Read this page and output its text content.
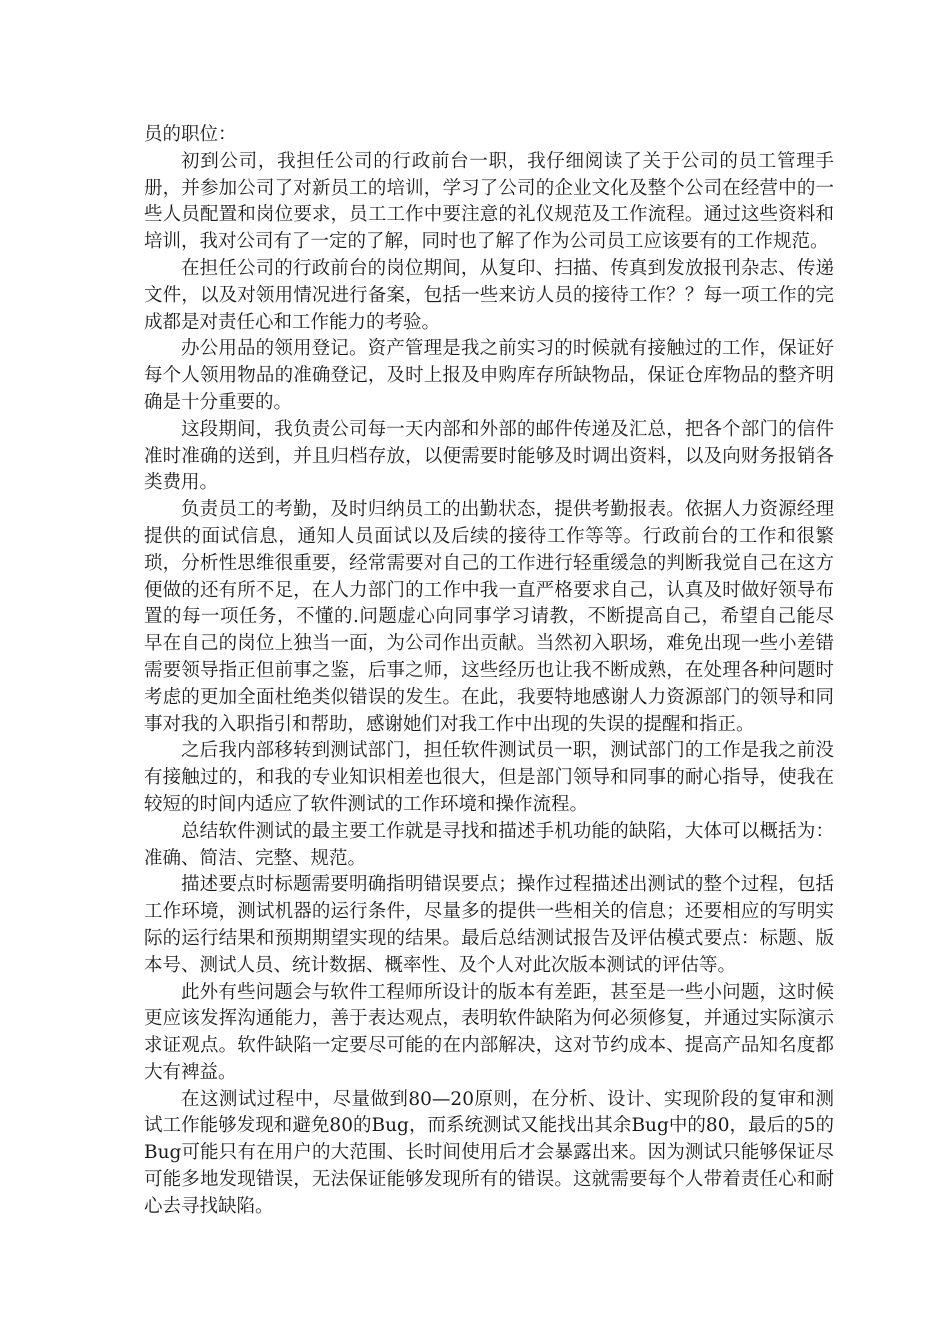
员的职位：

初到公司，我担任公司的行政前台一职，我仔细阅读了关于公司的员工管理手册，并参加公司了对新员工的培训，学习了公司的企业文化及整个公司在经营中的一些人员配置和岗位要求，员工工作中要注意的礼仪规范及工作流程。通过这些资料和培训，我对公司有了一定的了解，同时也了解了作为公司员工应该要有的工作规范。

在担任公司的行政前台的岗位期间，从复印、扫描、传真到发放报刊杂志、传递文件，以及对领用情况进行备案，包括一些来访人员的接待工作？？每一项工作的完成都是对责任心和工作能力的考验。

办公用品的领用登记。资产管理是我之前实习的时候就有接触过的工作，保证好每个人领用物品的准确登记，及时上报及申购库存所缺物品，保证仓库物品的整齐明确是十分重要的。

这段期间，我负责公司每一天内部和外部的邮件传递及汇总，把各个部门的信件准时准确的送到，并且归档存放，以便需要时能够及时调出资料，以及向财务报销各类费用。

负责员工的考勤，及时归纳员工的出勤状态，提供考勤报表。依据人力资源经理提供的面试信息，通知人员面试以及后续的接待工作等等。行政前台的工作和很繁琐，分析性思维很重要，经常需要对自己的工作进行轻重缓急的判断我觉自己在这方便做的还有所不足，在人力部门的工作中我一直严格要求自己，认真及时做好领导布置的每一项任务，不懂的.问题虚心向同事学习请教，不断提高自己，希望自己能尽早在自己的岗位上独当一面，为公司作出贡献。当然初入职场，难免出现一些小差错需要领导指正但前事之鉴，后事之师，这些经历也让我不断成熟，在处理各种问题时考虑的更加全面杜绝类似错误的发生。在此，我要特地感谢人力资源部门的领导和同事对我的入职指引和帮助，感谢她们对我工作中出现的失误的提醒和指正。

之后我内部移转到测试部门，担任软件测试员一职，测试部门的工作是我之前没有接触过的，和我的专业知识相差也很大，但是部门领导和同事的耐心指导，使我在较短的时间内适应了软件测试的工作环境和操作流程。

总结软件测试的最主要工作就是寻找和描述手机功能的缺陷，大体可以概括为：准确、简洁、完整、规范。

描述要点时标题需要明确指明错误要点；操作过程描述出测试的整个过程，包括工作环境，测试机器的运行条件，尽量多的提供一些相关的信息；还要相应的写明实际的运行结果和预期期望实现的结果。最后总结测试报告及评估模式要点：标题、版本号、测试人员、统计数据、概率性、及个人对此次版本测试的评估等。

此外有些问题会与软件工程师所设计的版本有差距，甚至是一些小问题，这时候更应该发挥沟通能力，善于表达观点，表明软件缺陷为何必须修复，并通过实际演示求证观点。软件缺陷一定要尽可能的在内部解决，这对节约成本、提高产品知名度都大有裨益。

在这测试过程中，尽量做到80—20原则，在分析、设计、实现阶段的复审和测试工作能够发现和避免80的Bug，而系统测试又能找出其余Bug中的80，最后的5的Bug可能只有在用户的大范围、长时间使用后才会暴露出来。因为测试只能够保证尽可能多地发现错误，无法保证能够发现所有的错误。这就需要每个人带着责任心和耐心去寻找缺陷。
